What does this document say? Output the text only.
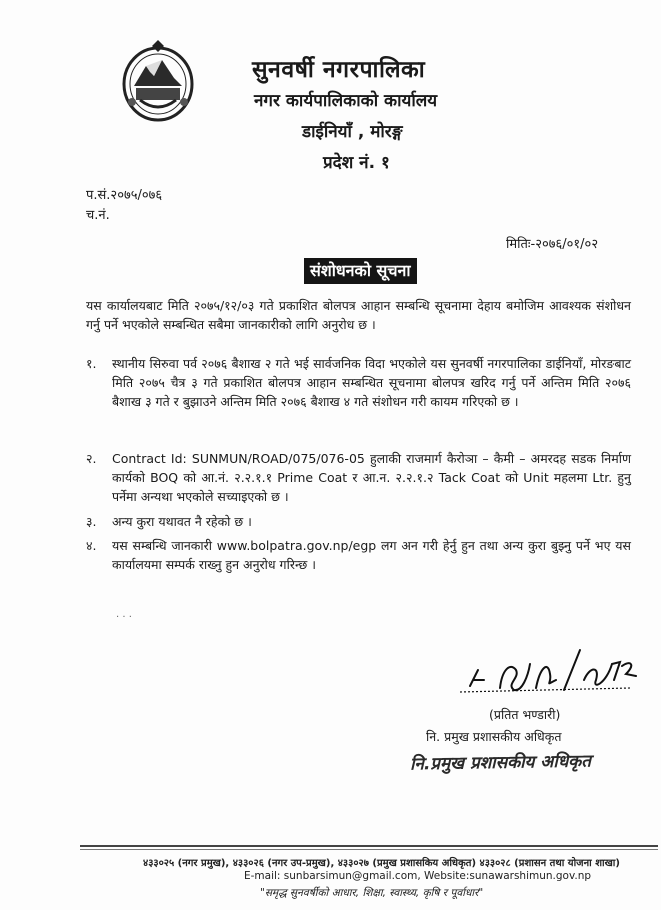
सुनवर्षी नगरपालिका
नगर कार्यपालिकाको कार्यालय
डाईनियाँ , मोरङ्ग
प्रदेश नं. १
प.सं.२०७५/०७६
च.नं.
मितिः-२०७६/०१/०२
संशोधनको सूचना
यस कार्यालयबाट मिति २०७५/१२/०३ गते प्रकाशित बोलपत्र आहान सम्बन्धि सूचनामा देहाय बमोजिम आवश्यक संशोधन गर्नु पर्ने भएकोले सम्बन्धित सबैमा जानकारीको लागि अनुरोध छ ।
१.	स्थानीय सिरुवा पर्व २०७६ बैशाख २ गते भई सार्वजनिक विदा भएकोले यस सुनवर्षी नगरपालिका डाईनियाँ, मोरङबाट मिति २०७५ चैत्र ३ गते प्रकाशित बोलपत्र आहान सम्बन्धित सूचनामा बोलपत्र खरिद गर्नु पर्ने अन्तिम मिति २०७६ बैशाख ३ गते र बुझाउने अन्तिम मिति २०७६ बैशाख ४ गते संशोधन गरी कायम गरिएको छ ।
२.	Contract Id: SUNMUN/ROAD/075/076-05 हुलाकी राजमार्ग कैरोञा – कैमी – अमरदह सडक निर्माण कार्यको BOQ को आ.नं. २.२.१.१ Prime Coat र आ.न. २.२.१.२ Tack Coat को Unit महलमा Ltr. हुनु पर्नेमा अन्यथा भएकोले सच्याइएको छ ।
३.	अन्य कुरा यथावत नै रहेको छ ।
४.	यस सम्बन्धि जानकारी www.bolpatra.gov.np/egp लग अन गरी हेर्नु हुन तथा अन्य कुरा बुझ्नु पर्ने भए यस कार्यालयमा सम्पर्क राख्नु हुन अनुरोध गरिन्छ ।
· · ·
(प्रतित भण्डारी)
नि. प्रमुख प्रशासकीय अधिकृत
नि.प्रमुख प्रशासकीय अधिकृत
४३३०२५ (नगर प्रमुख), ४३३०२६ (नगर उप-प्रमुख), ४३३०२७ (प्रमुख प्रशासकिय अधिकृत) ४३३०२८ (प्रशासन तथा योजना शाखा)
E-mail: sunbarsimun@gmail.com, Website:sunawarshimun.gov.np
"समृद्ध सुनवर्षीको आधार, शिक्षा, स्वास्थ्य, कृषि र पूर्वाधार"
